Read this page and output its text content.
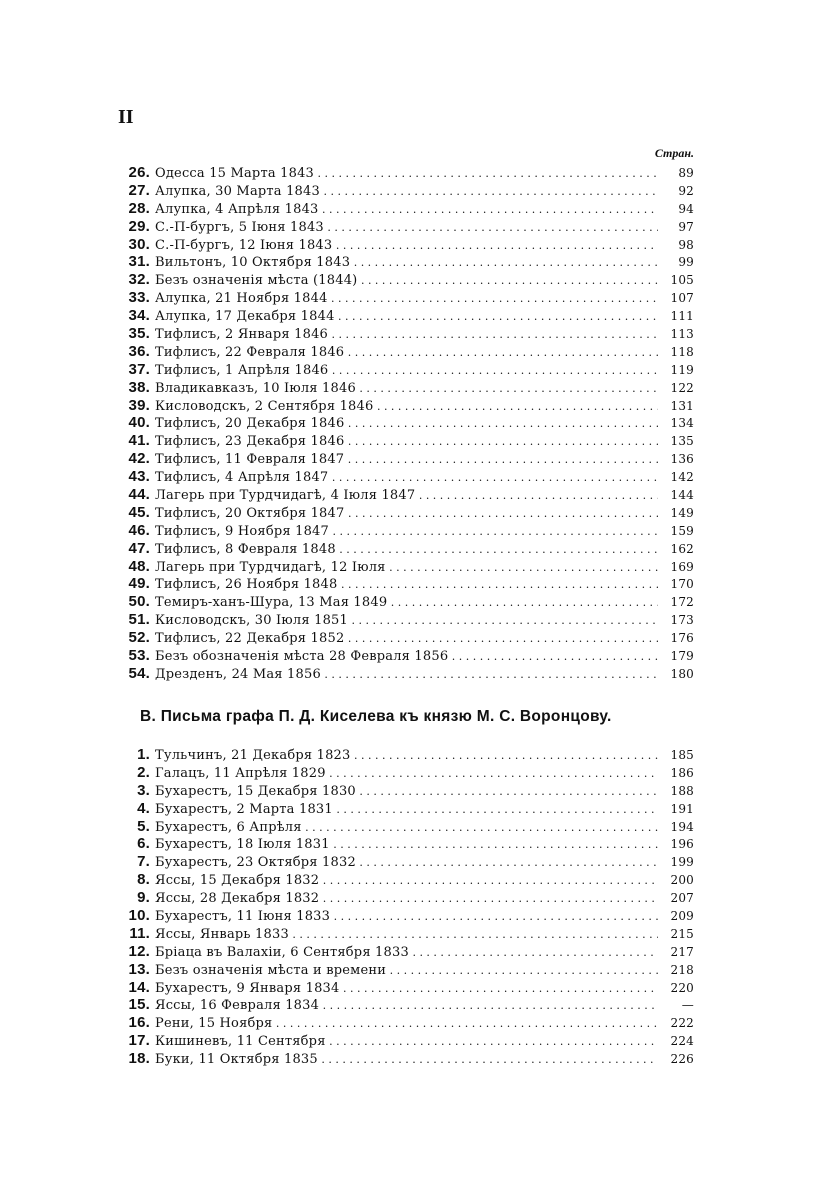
II
Стран.
26. Одесса 15 Марта 1843 . . .	89
27. Алупка, 30 Марта 1843 . . .	92
28. Алупка, 4 Апрѣля 1843 . . .	94
29. С.-П-бургъ, 5 Іюня 1843 . . .	97
30. С.-П-бургъ, 12 Іюня 1843 . . .	98
31. Вильтонъ, 10 Октября 1843 . . .	99
32. Безъ означенія мѣста (1844) . . .	105
33. Алупка, 21 Ноября 1844 . . .	107
34. Алупка, 17 Декабря 1844 . . .	111
35. Тифлисъ, 2 Января 1846 . . .	113
36. Тифлисъ, 22 Февраля 1846 . . .	118
37. Тифлисъ, 1 Апрѣля 1846 . . .	119
38. Владикавказъ, 10 Іюля 1846 . . .	122
39. Кисловодскъ, 2 Сентября 1846 . . .	131
40. Тифлисъ, 20 Декабря 1846 . . .	134
41. Тифлисъ, 23 Декабря 1846 . . .	135
42. Тифлисъ, 11 Февраля 1847 . . .	136
43. Тифлисъ, 4 Апрѣля 1847 . . .	142
44. Лагерь при Турдчидагѣ, 4 Іюля 1847 . . .	144
45. Тифлисъ, 20 Октября 1847 . . .	149
46. Тифлисъ, 9 Ноября 1847 . . .	159
47. Тифлисъ, 8 Февраля 1848 . . .	162
48. Лагерь при Турдчидагѣ, 12 Іюля . . .	169
49. Тифлисъ, 26 Ноября 1848 . . .	170
50. Темиръ-ханъ-Шура, 13 Мая 1849 . . .	172
51. Кисловодскъ, 30 Іюля 1851 . . .	173
52. Тифлисъ, 22 Декабря 1852 . . .	176
53. Безъ обозначенія мѣста 28 Февраля 1856 . . .	179
54. Дрезденъ, 24 Мая 1856 . . .	180
В. Письма графа П. Д. Киселева къ князю М. С. Воронцову.
1. Тульчинъ, 21 Декабря 1823 . . .	185
2. Галацъ, 11 Апрѣля 1829 . . .	186
3. Бухарестъ, 15 Декабря 1830 . . .	188
4. Бухарестъ, 2 Марта 1831 . . .	191
5. Бухарестъ, 6 Апрѣля . . .	194
6. Бухарестъ, 18 Іюля 1831 . . .	196
7. Бухарестъ, 23 Октября 1832 . . .	199
8. Яссы, 15 Декабря 1832 . . .	200
9. Яссы, 28 Декабря 1832 . . .	207
10. Бухарестъ, 11 Іюня 1833 . . .	209
11. Яссы, Январь 1833 . . .	215
12. Бріаца въ Валахіи, 6 Сентября 1833 . . .	217
13. Безъ означенія мѣста и времени . . .	218
14. Бухарестъ, 9 Января 1834 . . .	220
15. Яссы, 16 Февраля 1834 . . .	—
16. Рени, 15 Ноября . . .	222
17. Кишиневъ, 11 Сентября . . .	224
18. Буки, 11 Октября 1835 . . .	226
